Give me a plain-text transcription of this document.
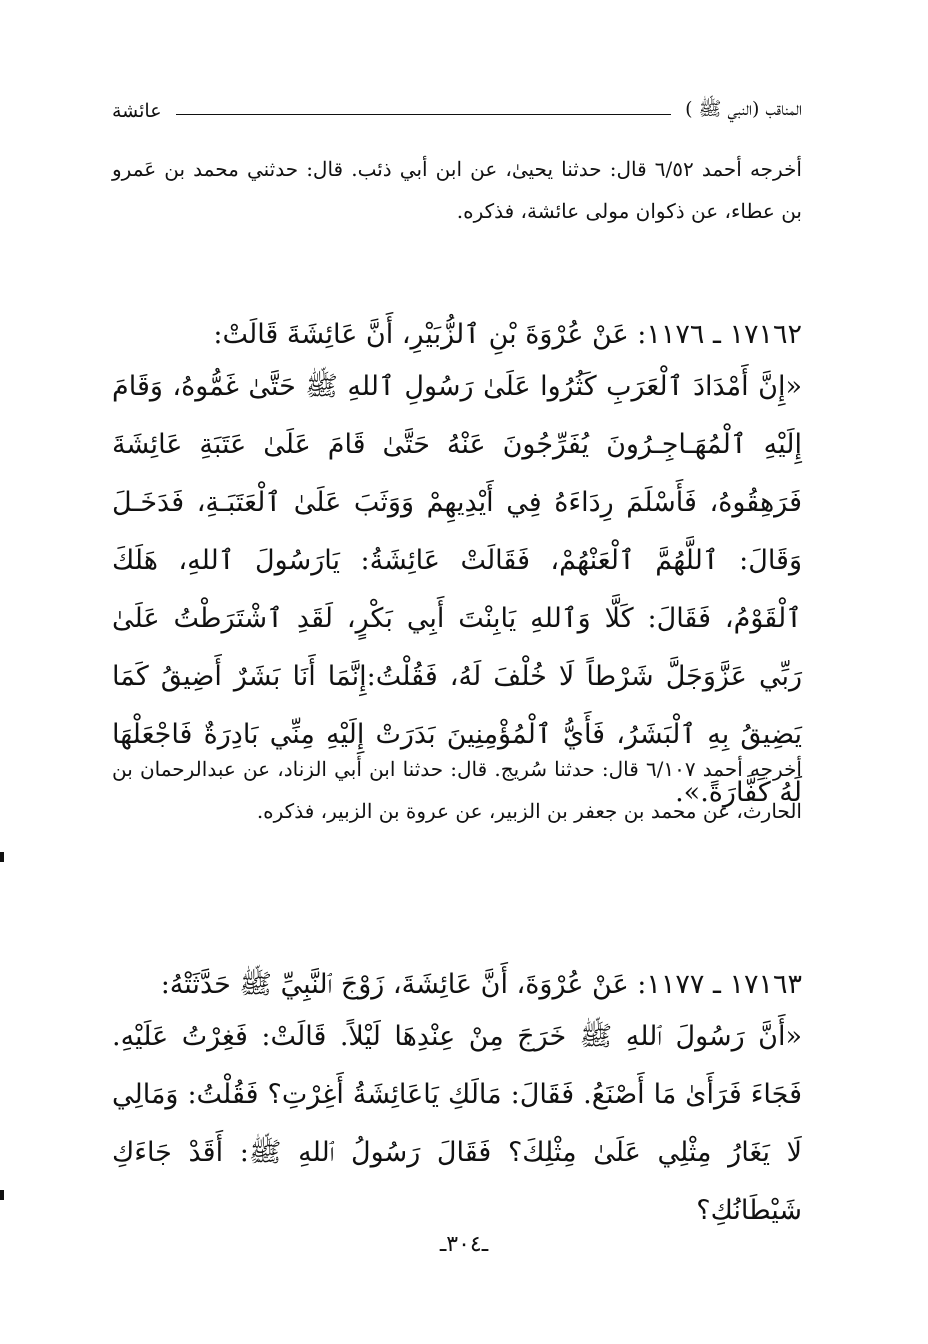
المناقب (النبي ﷺ )
عائشة

أخرجه أحمد ٦/٥٢ قال: حدثنا يحيىٰ، عن ابن أبي ذئب. قال: حدثني محمد بن عَمرو بن عطاء، عن ذكوان مولى عائشة، فذكره.

١٧١٦٢ ـ ١١٧٦: عَنْ عُرْوَةَ بْنِ ٱلزُّبَيْرِ، أَنَّ عَائِشَةَ قَالَتْ:

«إِنَّ أَمْدَادَ ٱلْعَرَبِ كَثُرُوا عَلَىٰ رَسُولِ ٱللهِ ﷺ حَتَّىٰ غَمُّوهُ، وَقَامَ إِلَيْهِ ٱلْمُهَـاجِـرُونَ يُفَرِّجُونَ عَنْهُ حَتَّىٰ قَامَ عَلَىٰ عَتَبَةِ عَائِشَةَ فَرَهِقُوهُ، فَأَسْلَمَ رِدَاءَهُ فِي أَيْدِيهِمْ وَوَثَبَ عَلَىٰ ٱلْعَتَبَـةِ، فَدَخَـلَ وَقَالَ: ٱللَّهُمَّ ٱلْعَنْهُمْ، فَقَالَتْ عَائِشَةُ: يَارَسُولَ ٱللهِ، هَلَكَ ٱلْقَوْمُ، فَقَالَ: كَلَّا وَٱللهِ يَابِنْتَ أَبِي بَكْرٍ، لَقَدِ ٱشْتَرَطْتُ عَلَىٰ رَبِّي عَزَّوَجَلَّ شَرْطاً لَا خُلْفَ لَهُ، فَقُلْتُ:إِنَّمَا أَنَا بَشَرٌ أَضِيقُ كَمَا يَضِيقُ بِهِ ٱلْبَشَرُ، فَأَيُّ ٱلْمُؤْمِنِينَ بَدَرَتْ إِلَيْهِ مِنِّي بَادِرَةٌ فَاجْعَلْهَا لَهُ كَفَّارَةً.».

أخرجه أحمد ٦/١٠٧ قال: حدثنا سُريج. قال: حدثنا ابن أبي الزناد، عن عبدالرحمان بن الحارث، عن محمد بن جعفر بن الزبير، عن عروة بن الزبير، فذكره.

١٧١٦٣ ـ ١١٧٧: عَنْ عُرْوَةَ، أَنَّ عَائِشَةَ، زَوْجَ ٱلنَّبِيِّ ﷺ حَدَّثَتْهُ:

«أَنَّ رَسُولَ ٱللهِ ﷺ خَرَجَ مِنْ عِنْدِهَا لَيْلاً. قَالَتْ: فَغِرْتُ عَلَيْهِ. فَجَاءَ فَرَأَىٰ مَا أَصْنَعُ. فَقَالَ: مَالَكِ يَاعَائِشَةُ أَغِرْتِ؟ فَقُلْتُ: وَمَالِي لَا يَغَارُ مِثْلِي عَلَىٰ مِثْلِكَ؟ فَقَالَ رَسُولُ ٱللهِ ﷺ: أَقَدْ جَاءَكِ شَيْطَانُكِ؟

ـ٣٠٤ـ
